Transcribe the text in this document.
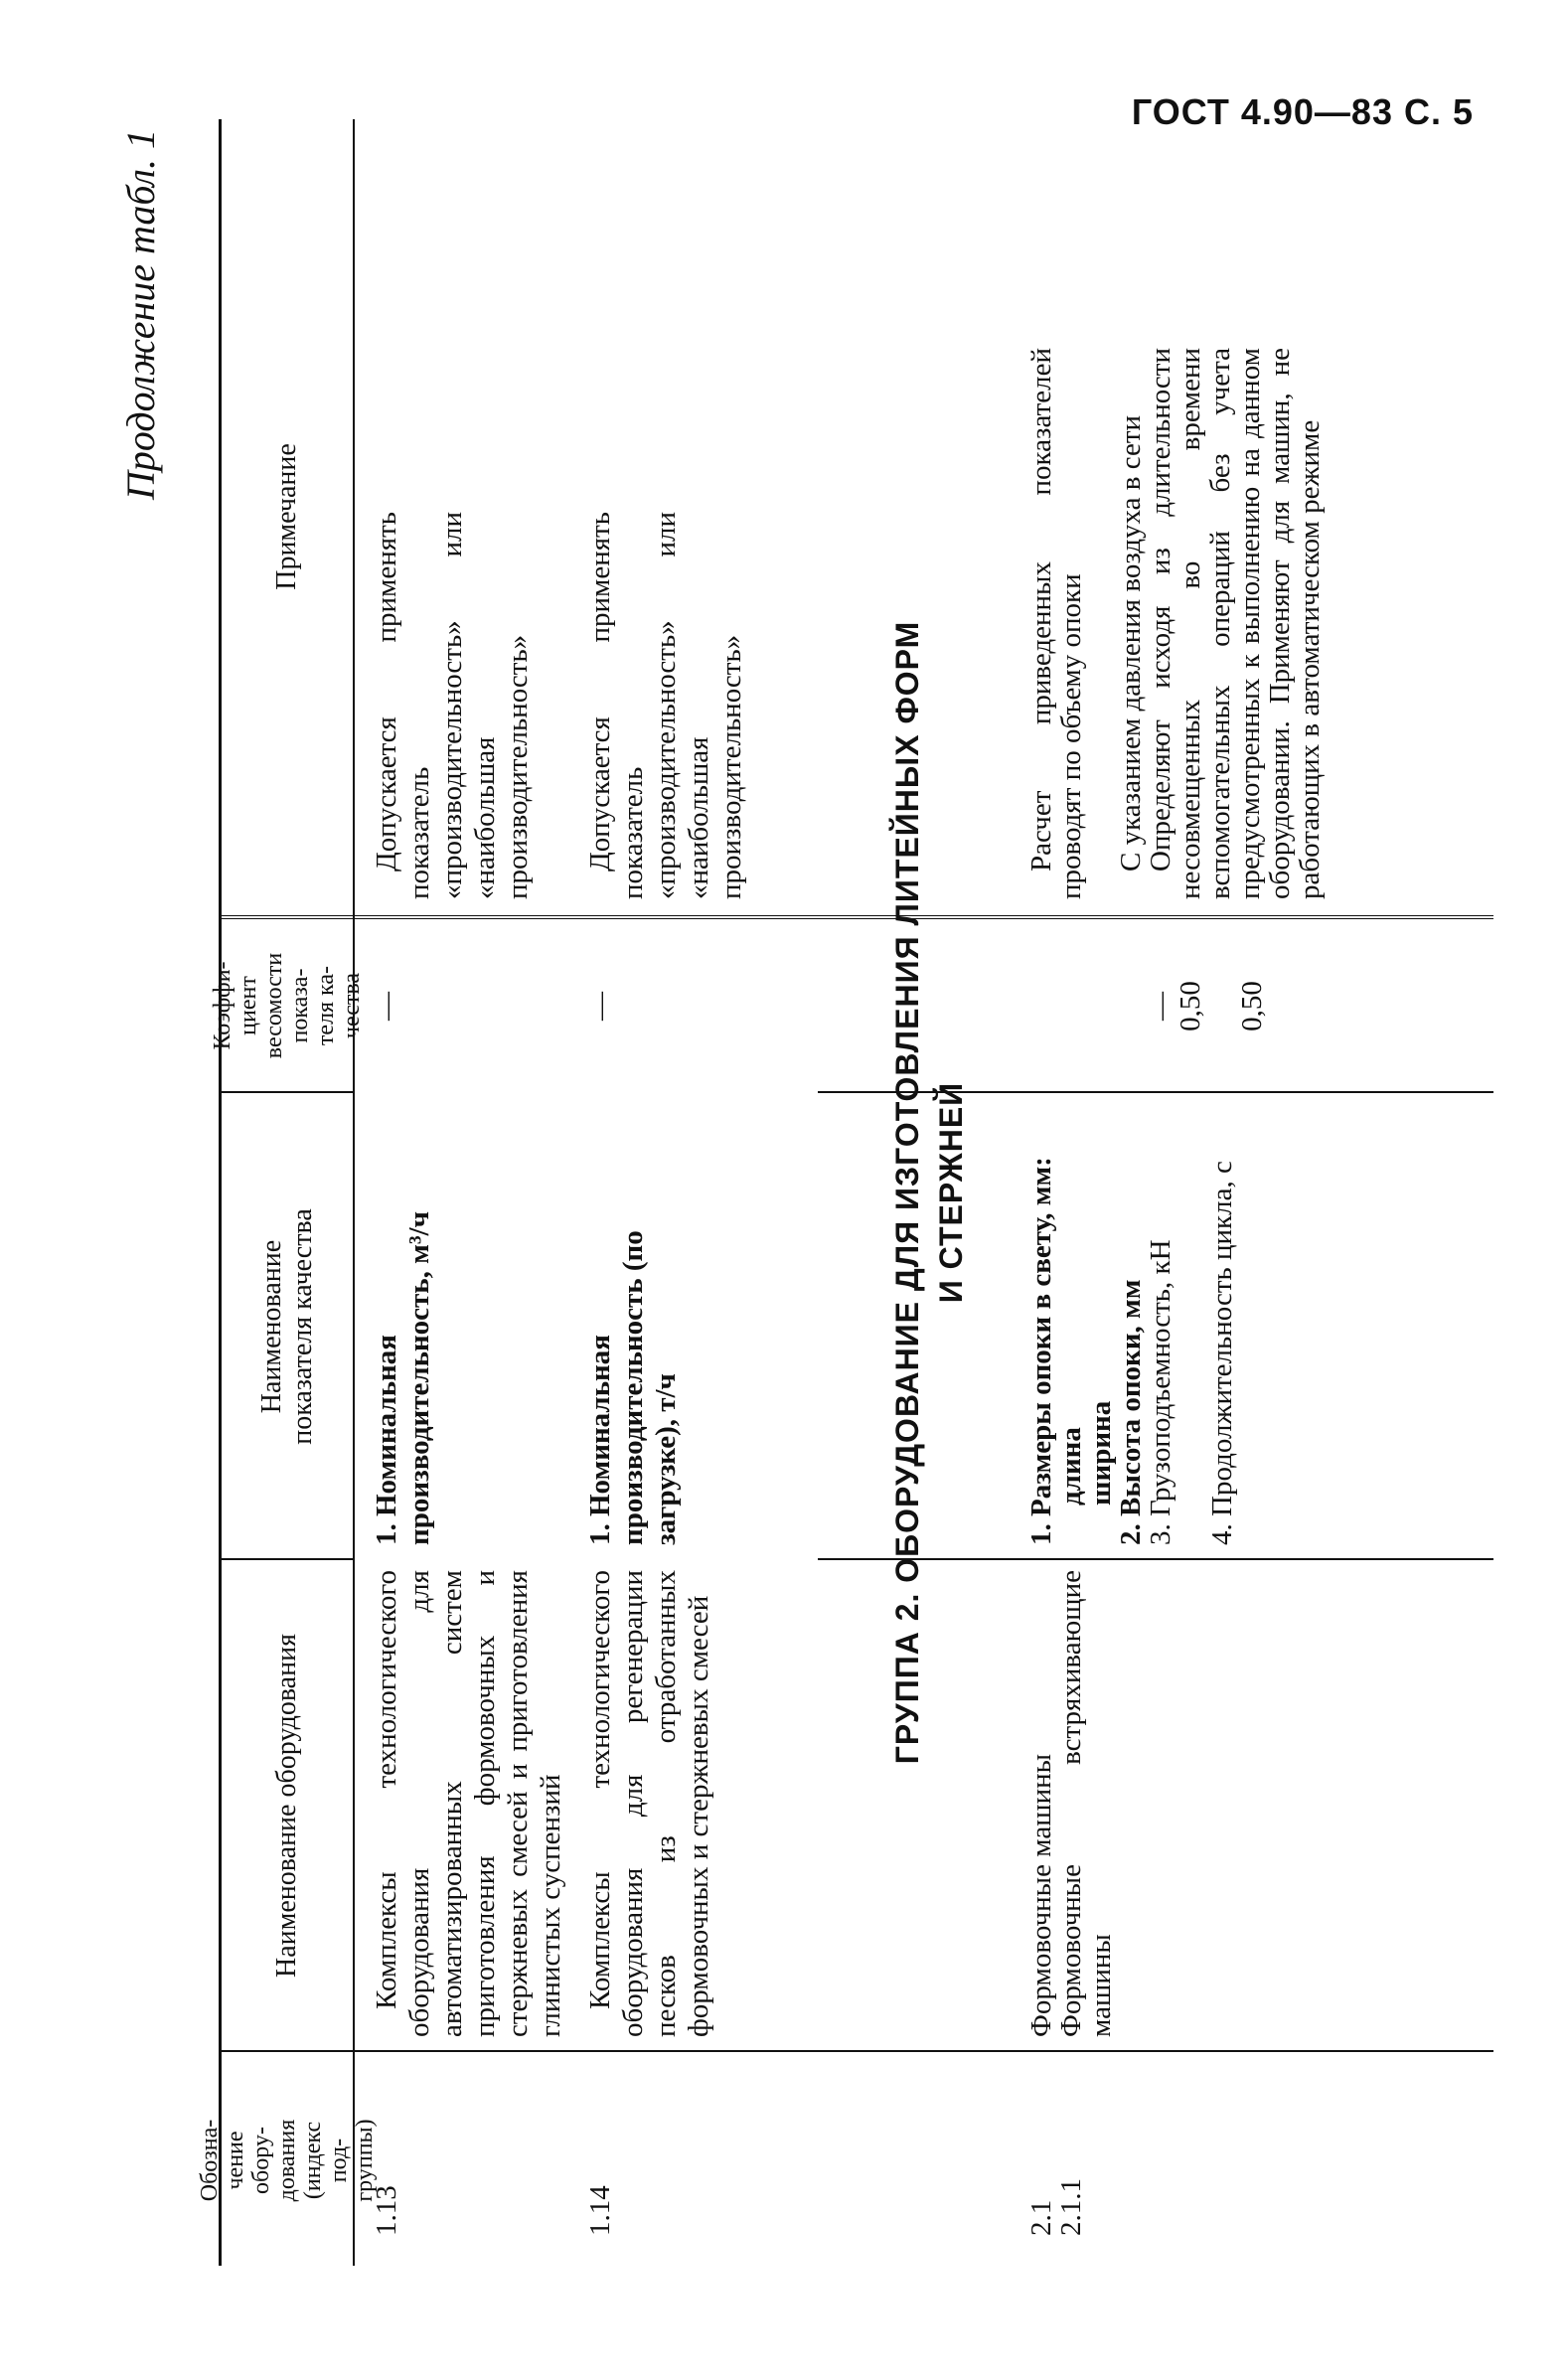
ГОСТ 4.90—83 С. 5
Продолжение табл. 1
Обозна-
чение
обору-
дования
(индекс
под-
группы)
Наименование оборудования
Наименование
показателя качества
Коэффи-
циент
весомости
показа-
теля ка-
чества
Примечание
1.13
Комплексы технологического оборудования для автоматизированных систем приготовления формовочных и стержневых смесей и приготовления глинистых суспензий
1. Номинальная производительность, м³/ч
—
Допускается применять показатель «производительность» или «наибольшая производительность»
1.14
Комплексы технологического оборудования для регенерации песков из отработанных формовочных и стержневых смесей
1. Номинальная производительность (по загрузке), т/ч
—
Допускается применять показатель «производительность» или «наибольшая производительность»	ГРУППА 2. ОБОРУДОВАНИЕ ДЛЯ ИЗГОТОВЛЕНИЯ ЛИТЕЙНЫХ ФОРМ И СТЕРЖНЕЙ
2.1
2.1.1
Формовочные машины
Формовочные встряхивающие машины
1. Размеры опоки в свету, мм:
длина
ширина
2. Высота опоки, мм
3. Грузоподъемность, кН 4. Продолжительность цикла, с
—
0,50 0,50
Расчет приведенных показателей проводят по объему опоки С указанием давления воздуха в сети
Определяют исходя из длительности несовмещенных во времени вспомогательных операций без учета предусмотренных к выполнению на данном оборудовании. Применяют для машин, не работающих в автоматическом режиме
